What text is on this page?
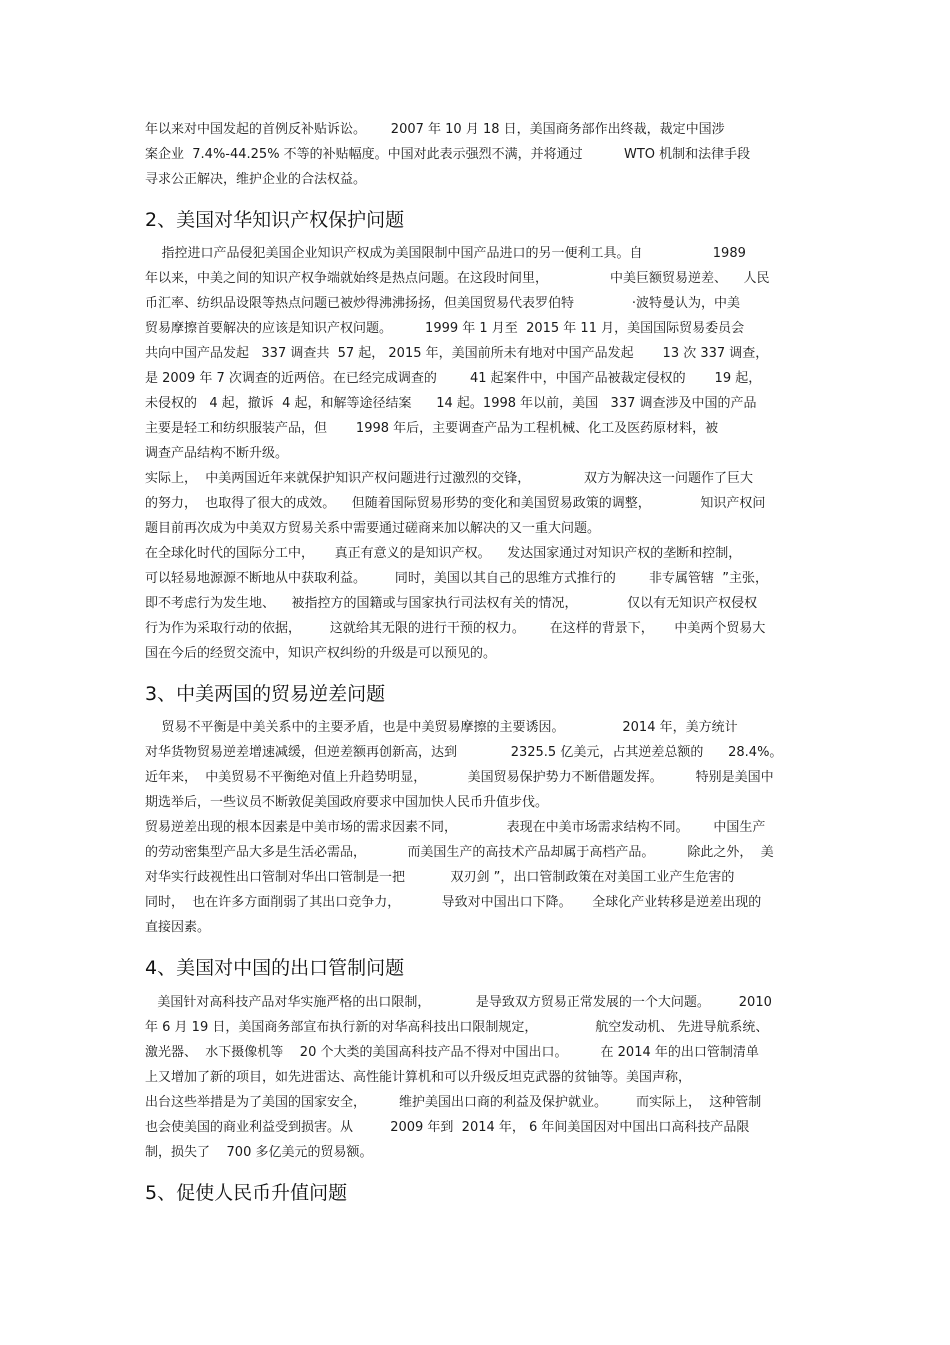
年以来对中国发起的首例反补贴诉讼。      2007 年 10 月 18 日，美国商务部作出终裁，裁定中国涉
案企业  7.4%-44.25% 不等的补贴幅度。中国对此表示强烈不满，并将通过          WTO 机制和法律手段
寻求公正解决，维护企业的合法权益。
2、美国对华知识产权保护问题
指控进口产品侵犯美国企业知识产权成为美国限制中国产品进口的另一便利工具。自                 1989
年以来，中美之间的知识产权争端就始终是热点问题。在这段时间里，               中美巨额贸易逆差、    人民
币汇率、纺织品设限等热点问题已被炒得沸沸扬扬，但美国贸易代表罗伯特              ·波特曼认为，中美
贸易摩擦首要解决的应该是知识产权问题。        1999 年 1 月至  2015 年 11 月，美国国际贸易委员会
共向中国产品发起   337 调查共  57 起， 2015 年，美国前所未有地对中国产品发起       13 次 337 调查，
是 2009 年 7 次调查的近两倍。在已经完成调查的        41 起案件中，中国产品被裁定侵权的       19 起，
未侵权的   4 起，撤诉  4 起，和解等途径结案      14 起。1998 年以前，美国   337 调查涉及中国的产品
主要是轻工和纺织服装产品，但       1998 年后，主要调查产品为工程机械、化工及医药原材料，被
调查产品结构不断升级。
实际上，  中美两国近年来就保护知识产权问题进行过激烈的交锋，             双方为解决这一问题作了巨大
的努力，  也取得了很大的成效。    但随着国际贸易形势的变化和美国贸易政策的调整，            知识产权问
题目前再次成为中美双方贸易关系中需要通过磋商来加以解决的又一重大问题。
在全球化时代的国际分工中，     真正有意义的是知识产权。    发达国家通过对知识产权的垄断和控制，
可以轻易地源源不断地从中获取利益。       同时，美国以其自己的思维方式推行的        非专属管辖  ”主张，
即不考虑行为发生地、    被指控方的国籍或与国家执行司法权有关的情况，            仅以有无知识产权侵权
行为作为采取行动的依据，       这就给其无限的进行干预的权力。      在这样的背景下，     中美两个贸易大
国在今后的经贸交流中，知识产权纠纷的升级是可以预见的。
3、中美两国的贸易逆差问题
贸易不平衡是中美关系中的主要矛盾，也是中美贸易摩擦的主要诱因。              2014 年，美方统计
对华货物贸易逆差增速减缓，但逆差额再创新高，达到             2325.5 亿美元，占其逆差总额的      28.4%。
近年来，  中美贸易不平衡绝对值上升趋势明显，          美国贸易保护势力不断借题发挥。        特别是美国中
期选举后，一些议员不断敦促美国政府要求中国加快人民币升值步伐。
贸易逆差出现的根本因素是中美市场的需求因素不同，            表现在中美市场需求结构不同。      中国生产
的劳动密集型产品大多是生活必需品，          而美国生产的高技术产品却属于高档产品。        除此之外，  美
对华实行歧视性出口管制对华出口管制是一把           双刃剑 ”，出口管制政策在对美国工业产生危害的
同时，  也在许多方面削弱了其出口竞争力，          导致对中国出口下降。     全球化产业转移是逆差出现的
直接因素。
4、美国对中国的出口管制问题
美国针对高科技产品对华实施严格的出口限制，           是导致双方贸易正常发展的一个大问题。       2010
年 6 月 19 日，美国商务部宣布执行新的对华高科技出口限制规定，              航空发动机、 先进导航系统、
激光器、  水下摄像机等    20 个大类的美国高科技产品不得对中国出口。        在 2014 年的出口管制清单
上又增加了新的项目，如先进雷达、高性能计算机和可以升级反坦克武器的贫铀等。美国声称，
出台这些举措是为了美国的国家安全，        维护美国出口商的利益及保护就业。       而实际上，  这种管制
也会使美国的商业利益受到损害。从         2009 年到  2014 年， 6 年间美国因对中国出口高科技产品限
制，损失了    700 多亿美元的贸易额。
5、促使人民币升值问题
